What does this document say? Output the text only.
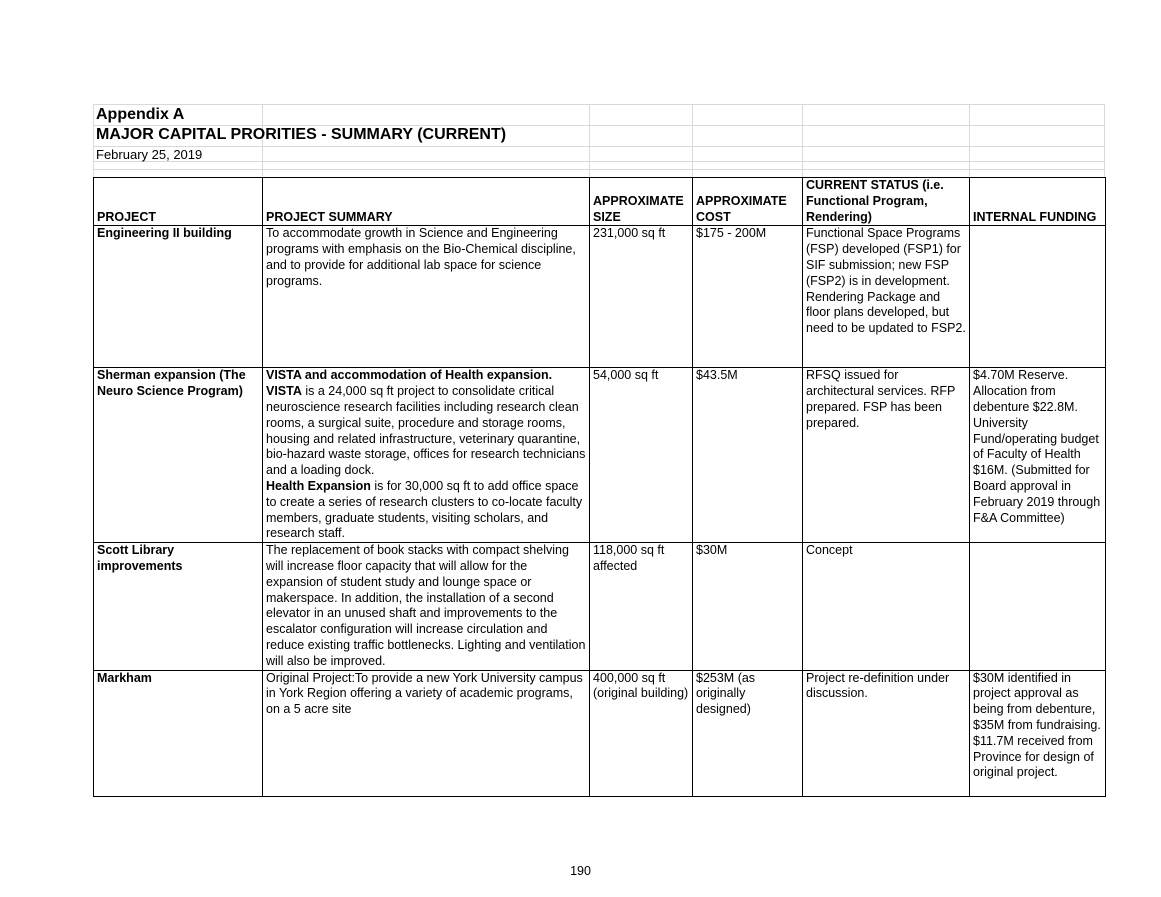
Appendix A
MAJOR CAPITAL PRORITIES - SUMMARY (CURRENT)
February 25, 2019
PROJECT	PROJECT SUMMARY	APPROXIMATE SIZE	APPROXIMATE COST	CURRENT STATUS (i.e. Functional Program, Rendering)	INTERNAL FUNDING
Engineering II building	To accommodate growth in Science and Engineering programs with emphasis on the Bio-Chemical discipline, and to provide for additional lab space for science programs.	231,000 sq ft	$175 - 200M	Functional Space Programs (FSP) developed (FSP1) for SIF submission; new FSP (FSP2) is in development. Rendering Package and floor plans developed, but need to be updated to FSP2.	
Sherman expansion (The Neuro Science Program)	VISTA and accommodation of Health expansion.
VISTA is a 24,000 sq ft project to consolidate critical neuroscience research facilities including research clean rooms, a surgical suite, procedure and storage rooms, housing and related infrastructure, veterinary quarantine, bio-hazard waste storage, offices for research technicians and a loading dock.
Health Expansion is for 30,000 sq ft to add office space to create a series of research clusters to co-locate faculty members, graduate students, visiting scholars, and research staff.	54,000 sq ft	$43.5M	RFSQ issued for architectural services. RFP prepared. FSP has been prepared.	$4.70M Reserve. Allocation from debenture $22.8M. University Fund/operating budget of Faculty of Health $16M. (Submitted for Board approval in February 2019 through F&A Committee)
Scott Library improvements	The replacement of book stacks with compact shelving will increase floor capacity that will allow for the expansion of student study and lounge space or makerspace. In addition, the installation of a second elevator in an unused shaft and improvements to the escalator configuration will increase circulation and reduce existing traffic bottlenecks. Lighting and ventilation will also be improved.	118,000 sq ft affected	$30M	Concept	
Markham	Original Project:To provide a new York University campus in York Region offering a variety of academic programs, on a 5 acre site	400,000 sq ft (original building)	$253M (as originally designed)	Project re-definition under discussion.	$30M identified in project approval as being from debenture, $35M from fundraising. $11.7M received from Province for design of original project.
190
